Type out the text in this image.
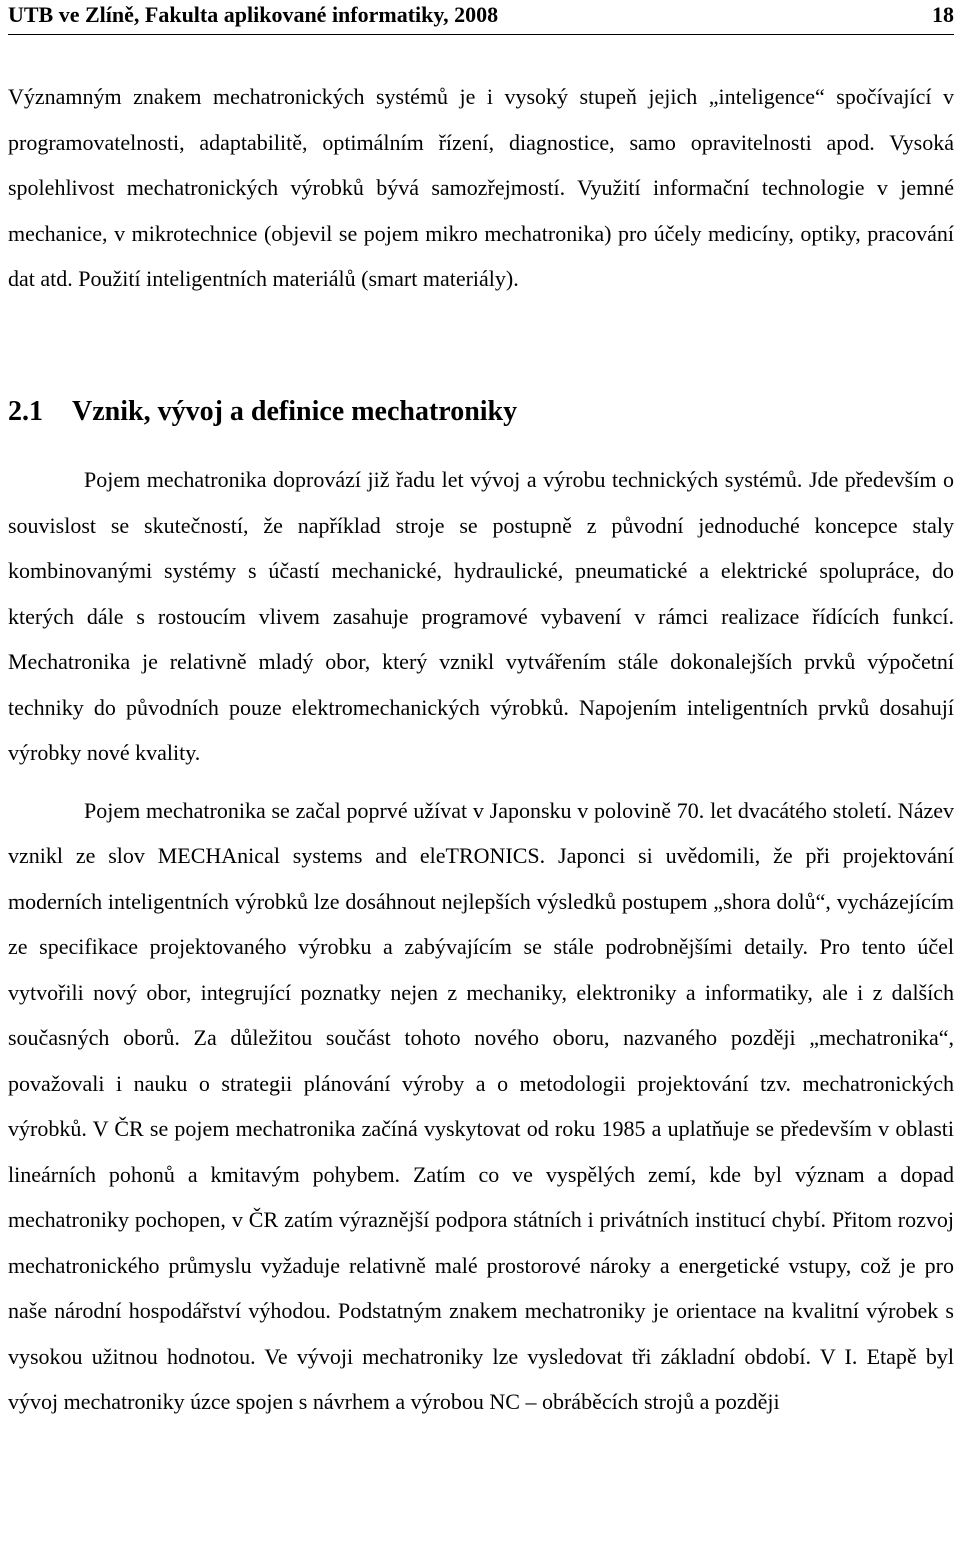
UTB ve Zlíně, Fakulta aplikované informatiky, 2008	18

Významným znakem mechatronických systémů je i vysoký stupeň jejich „inteligence“ spočívající v programovatelnosti, adaptabilitě, optimálním řízení, diagnostice, samo opravitelnosti apod. Vysoká spolehlivost mechatronických výrobků bývá samozřejmostí. Využití informační technologie v jemné mechanice, v mikrotechnice (objevil se pojem mikro mechatronika) pro účely medicíny, optiky, pracování dat atd. Použití inteligentních materiálů (smart materiály).

2.1 Vznik, vývoj a definice mechatroniky

Pojem mechatronika doprovází již řadu let vývoj a výrobu technických systémů. Jde především o souvislost se skutečností, že například stroje se postupně z původní jednoduché koncepce staly kombinovanými systémy s účastí mechanické, hydraulické, pneumatické a elektrické spolupráce, do kterých dále s rostoucím vlivem zasahuje programové vybavení v rámci realizace řídících funkcí. Mechatronika je relativně mladý obor, který vznikl vytvářením stále dokonalejších prvků výpočetní techniky do původních pouze elektromechanických výrobků. Napojením inteligentních prvků dosahují výrobky nové kvality.

Pojem mechatronika se začal poprvé užívat v Japonsku v polovině 70. let dvacátého století. Název vznikl ze slov MECHAnical systems and eleTRONICS. Japonci si uvědomili, že při projektování moderních inteligentních výrobků lze dosáhnout nejlepších výsledků postupem „shora dolů“, vycházejícím ze specifikace projektovaného výrobku a zabývajícím se stále podrobnějšími detaily. Pro tento účel vytvořili nový obor, integrující poznatky nejen z mechaniky, elektroniky a informatiky, ale i z dalších současných oborů. Za důležitou součást tohoto nového oboru, nazvaného později „mechatronika“, považovali i nauku o strategii plánování výroby a o metodologii projektování tzv. mechatronických výrobků. V ČR se pojem mechatronika začíná vyskytovat od roku 1985 a uplatňuje se především v oblasti lineárních pohonů a kmitavým pohybem. Zatím co ve vyspělých zemí, kde byl význam a dopad mechatroniky pochopen, v ČR zatím výraznější podpora státních i privátních institucí chybí. Přitom rozvoj mechatronického průmyslu vyžaduje relativně malé prostorové nároky a energetické vstupy, což je pro naše národní hospodářství výhodou. Podstatným znakem mechatroniky je orientace na kvalitní výrobek s vysokou užitnou hodnotou. Ve vývoji mechatroniky lze vysledovat tři základní období. V I. Etapě byl vývoj mechatroniky úzce spojen s návrhem a výrobou NC – obráběcích strojů a později
